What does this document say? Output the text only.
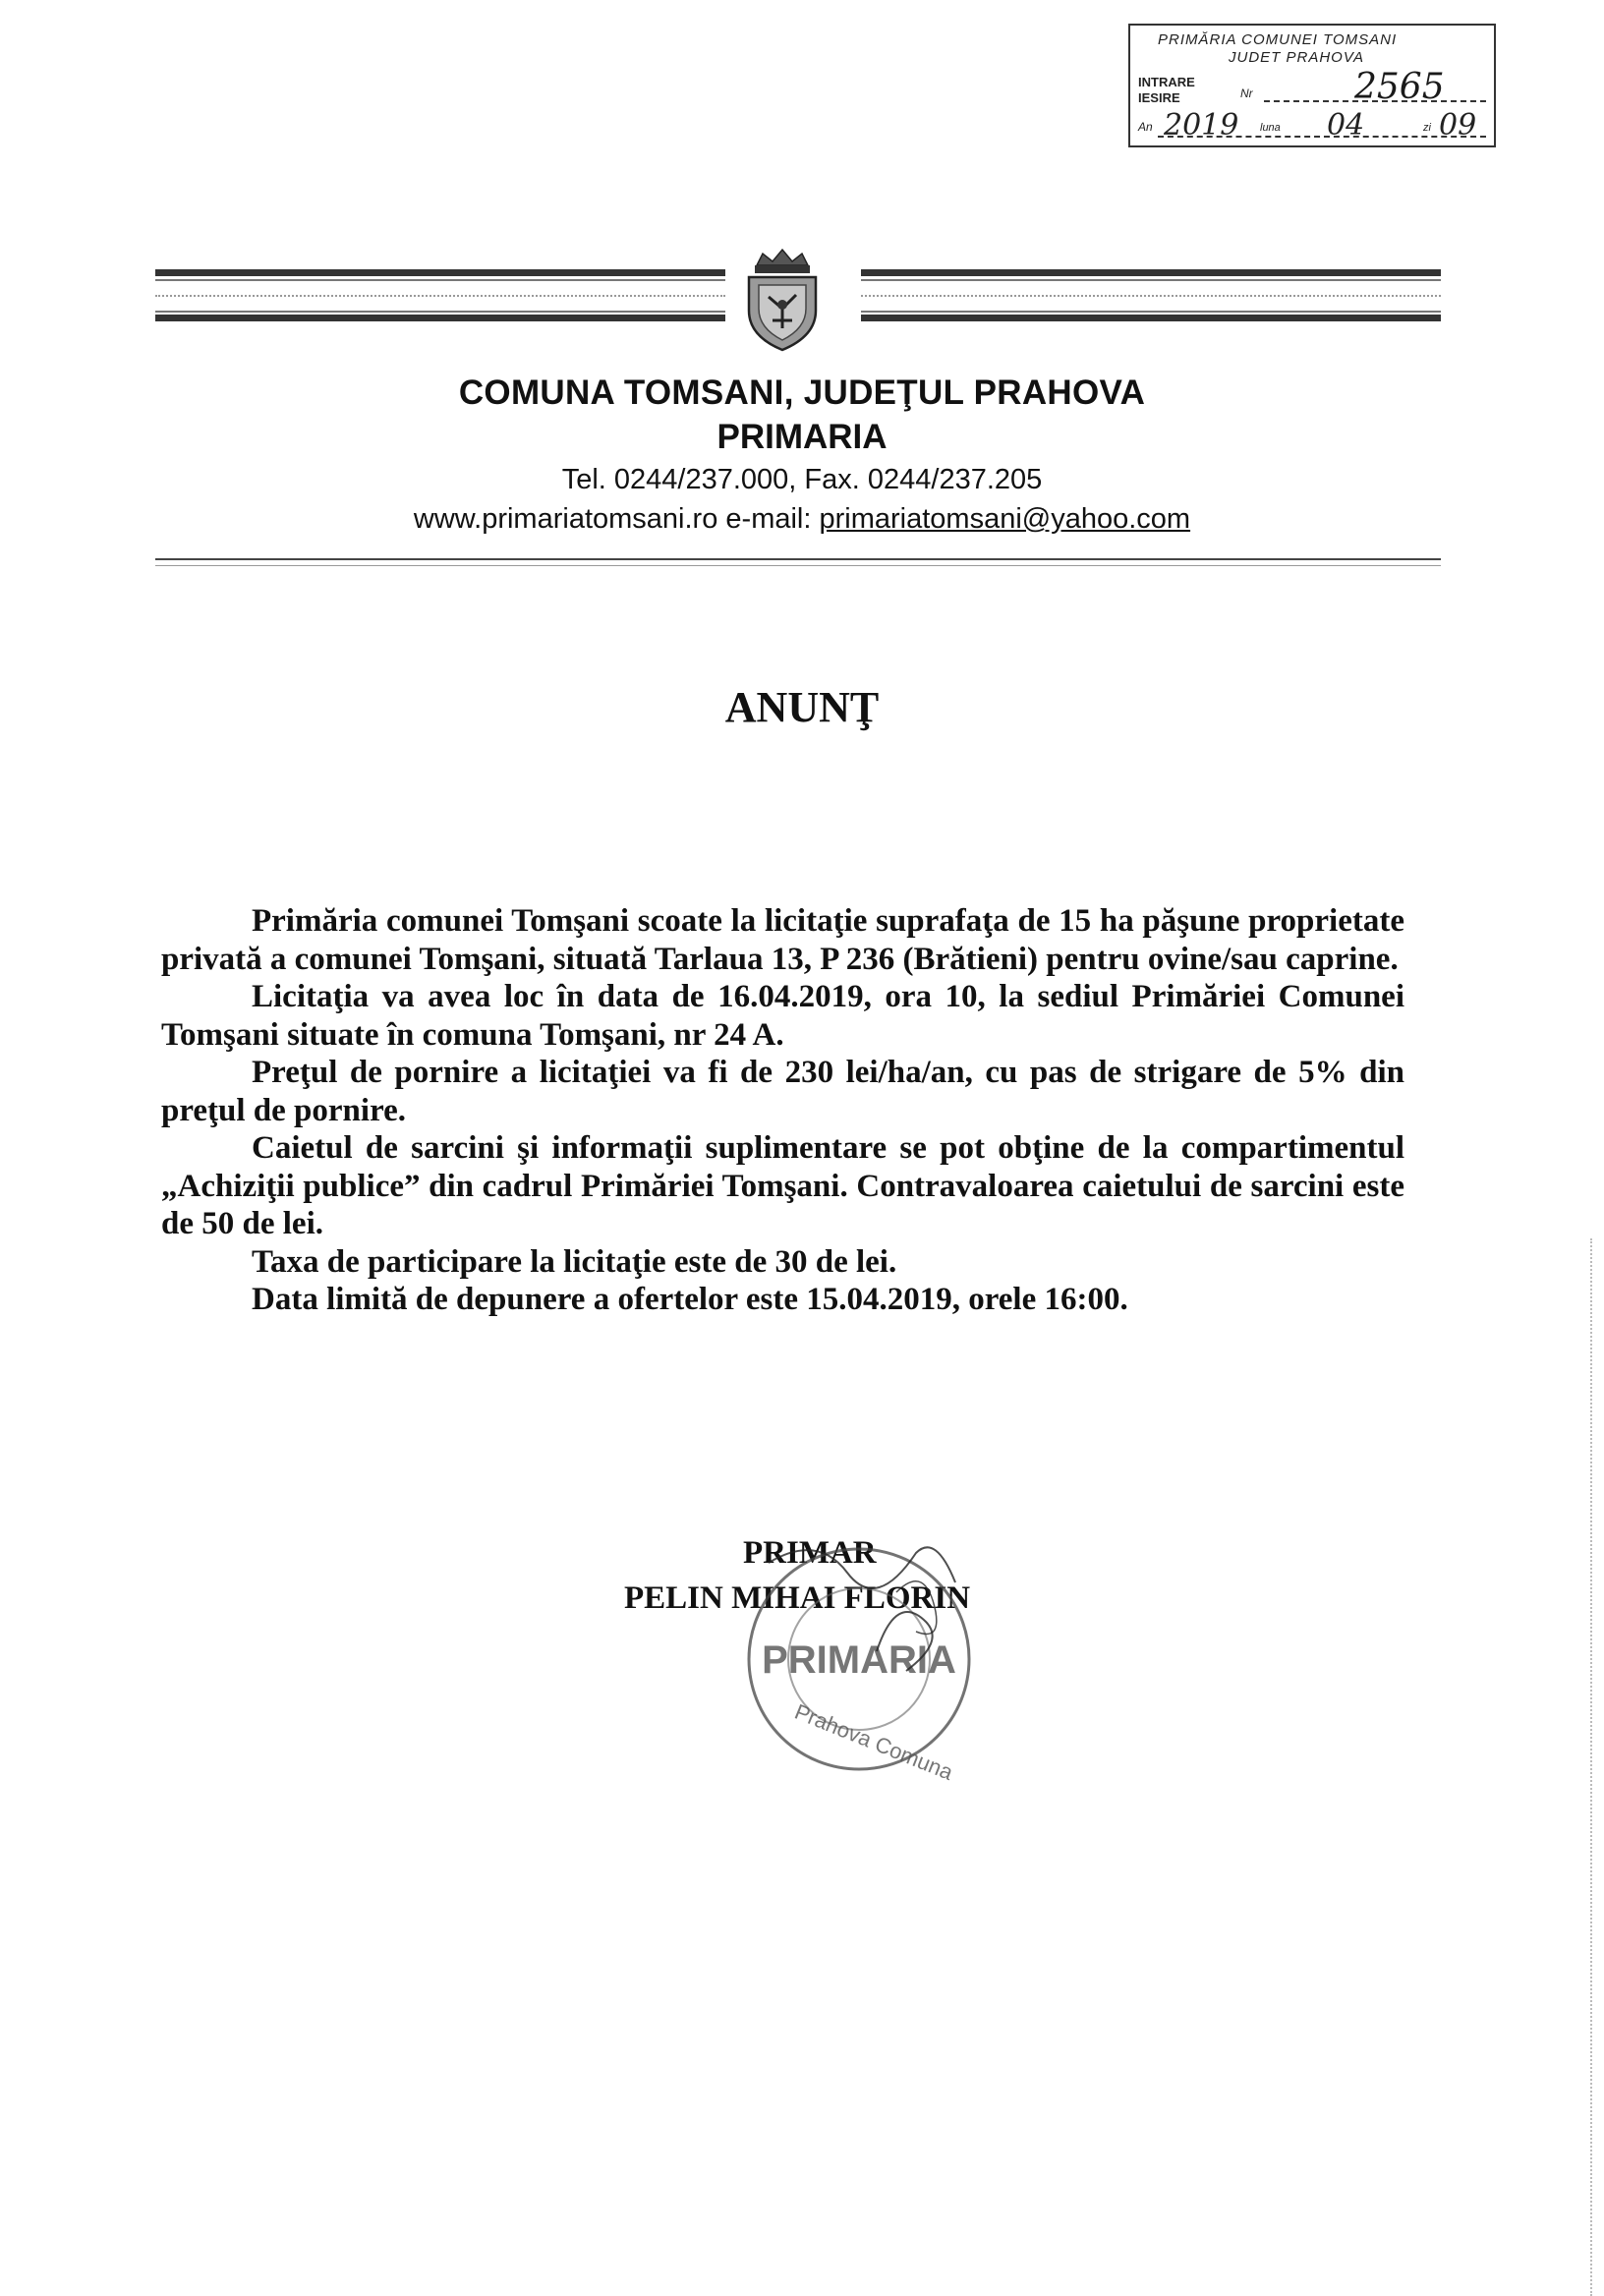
PRIMĂRIA COMUNEI TOMSANI
JUDET PRAHOVA
INTRARE
IESIRE	Nr	2565
An 2019 luna 04	zi 09
COMUNA TOMSANI, JUDEŢUL PRAHOVA
PRIMARIA
Tel. 0244/237.000, Fax. 0244/237.205
www.primariatomsani.ro e-mail: primariatomsani@yahoo.com
ANUNŢ

Primăria comunei Tomşani scoate la licitaţie suprafaţa de 15 ha păşune proprietate privată a comunei Tomşani, situată Tarlaua 13, P 236 (Brătieni) pentru ovine/sau caprine.

Licitaţia va avea loc în data de 16.04.2019, ora 10, la sediul Primăriei Comunei Tomşani situate în comuna Tomşani, nr 24 A.

Preţul de pornire a licitaţiei va fi de 230 lei/ha/an, cu pas de strigare de 5% din preţul de pornire.

Caietul de sarcini şi informaţii suplimentare se pot obţine de la compartimentul „Achiziţii publice” din cadrul Primăriei Tomşani. Contravaloarea caietului de sarcini este de 50 de lei.

Taxa de participare la licitaţie este de 30 de lei.

Data limită de depunere a ofertelor este 15.04.2019, orele 16:00.

PRIMAR
PELIN MIHAI FLORIN
PRIMARIA
Prahova Comuna
